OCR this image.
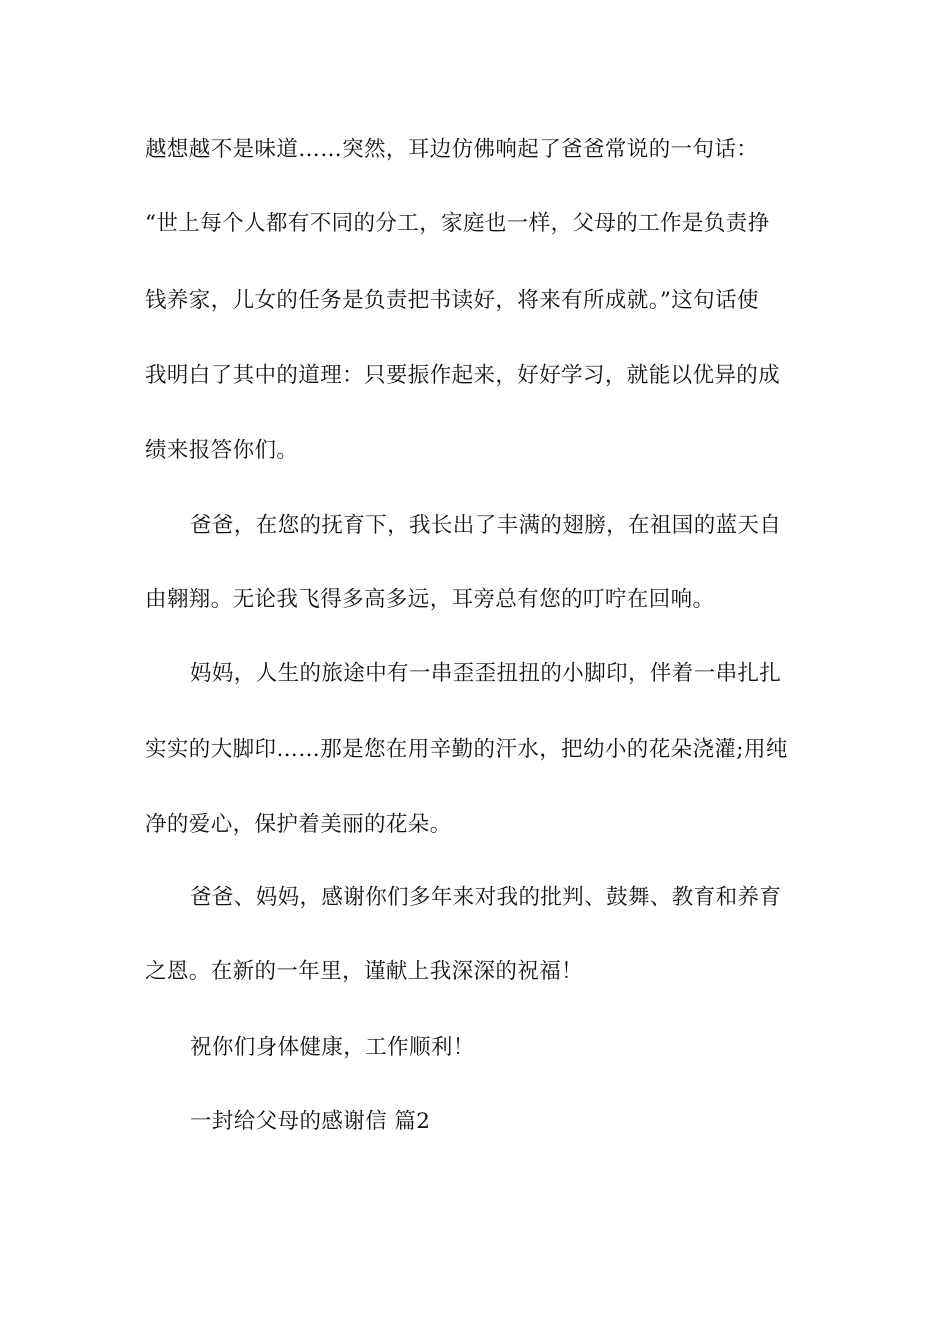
越想越不是味道……突然，耳边仿佛响起了爸爸常说的一句话：
“世上每个人都有不同的分工，家庭也一样，父母的工作是负责挣
钱养家，儿女的任务是负责把书读好，将来有所成就。”这句话使
我明白了其中的道理：只要振作起来，好好学习，就能以优异的成
绩来报答你们。
爸爸，在您的抚育下，我长出了丰满的翅膀，在祖国的蓝天自
由翱翔。无论我飞得多高多远，耳旁总有您的叮咛在回响。
妈妈，人生的旅途中有一串歪歪扭扭的小脚印，伴着一串扎扎
实实的大脚印……那是您在用辛勤的汗水，把幼小的花朵浇灌;用纯
净的爱心，保护着美丽的花朵。
爸爸、妈妈，感谢你们多年来对我的批判、鼓舞、教育和养育
之恩。在新的一年里，谨献上我深深的祝福！
祝你们身体健康，工作顺利！
一封给父母的感谢信 篇2
